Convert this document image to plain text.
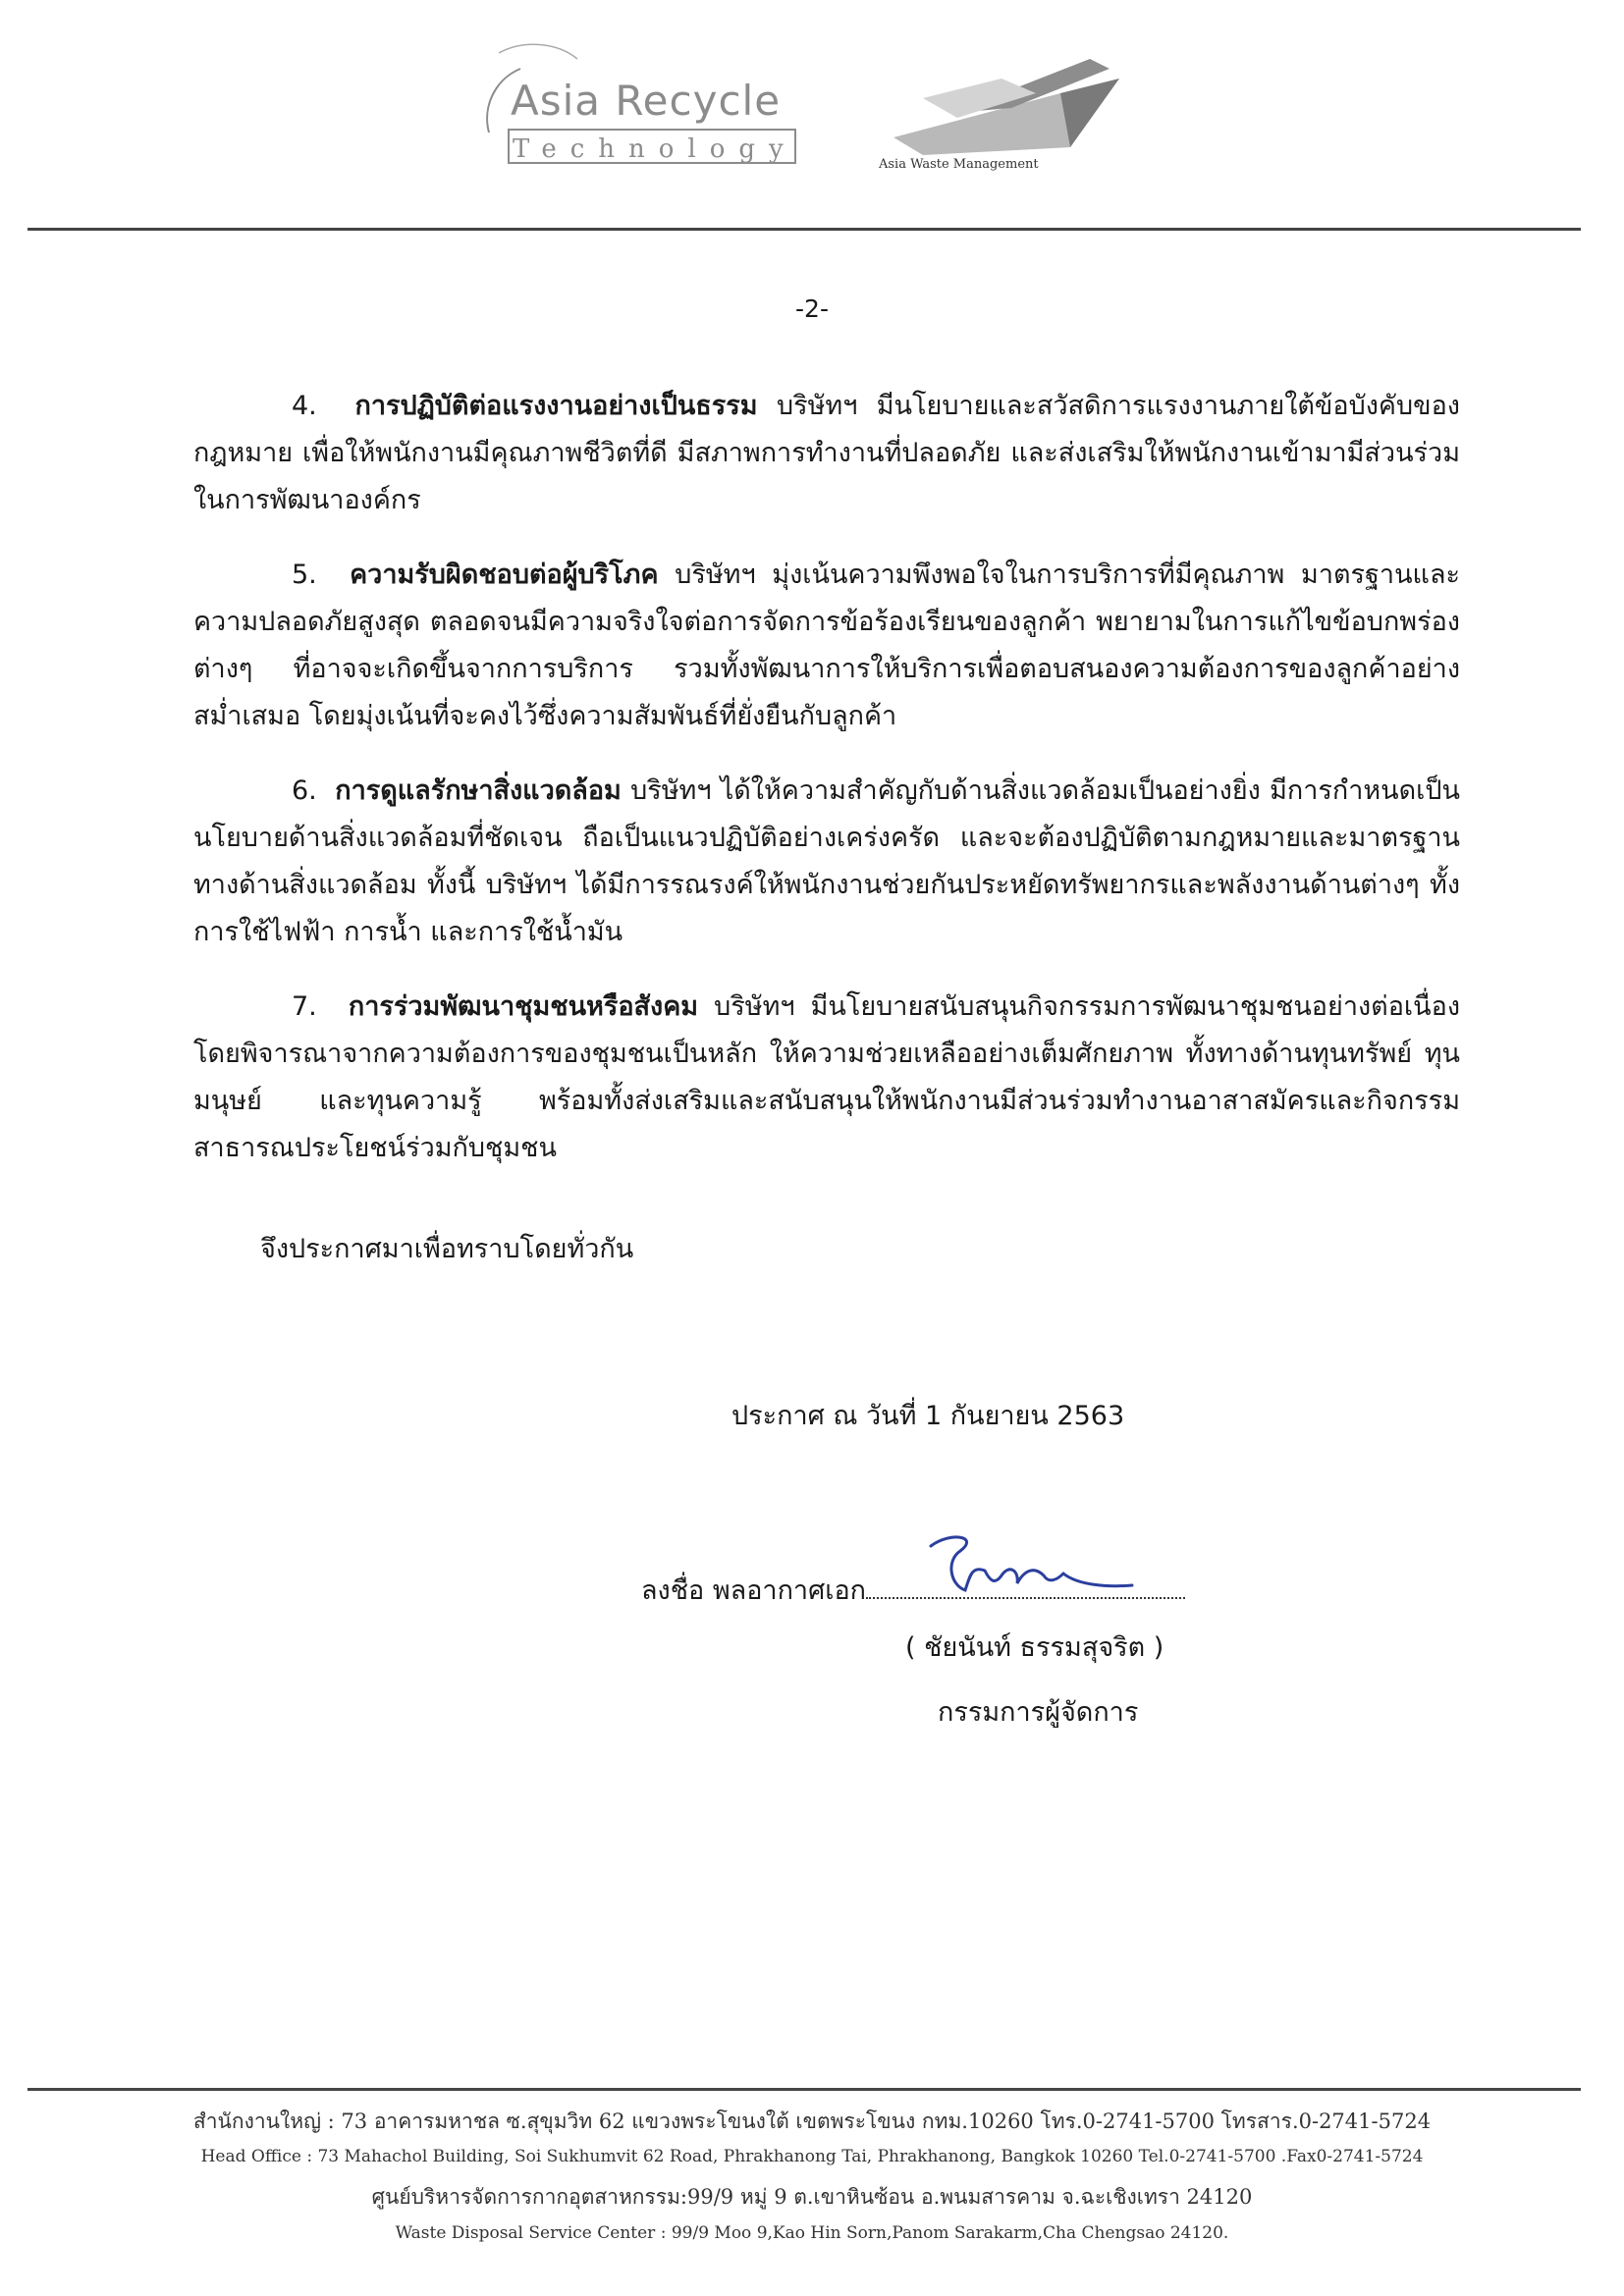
Asia Recycle
Technology
Asia Waste Management
-2-

4. การปฏิบัติต่อแรงงานอย่างเป็นธรรม บริษัทฯ มีนโยบายและสวัสดิการแรงงานภายใต้ข้อบังคับของกฎหมาย เพื่อให้พนักงานมีคุณภาพชีวิตที่ดี มีสภาพการทำงานที่ปลอดภัย และส่งเสริมให้พนักงานเข้ามามีส่วนร่วมในการพัฒนาองค์กร

5. ความรับผิดชอบต่อผู้บริโภค บริษัทฯ มุ่งเน้นความพึงพอใจในการบริการที่มีคุณภาพ มาตรฐานและความปลอดภัยสูงสุด ตลอดจนมีความจริงใจต่อการจัดการข้อร้องเรียนของลูกค้า พยายามในการแก้ไขข้อบกพร่องต่างๆ ที่อาจจะเกิดขึ้นจากการบริการ รวมทั้งพัฒนาการให้บริการเพื่อตอบสนองความต้องการของลูกค้าอย่างสม่ำเสมอ โดยมุ่งเน้นที่จะคงไว้ซึ่งความสัมพันธ์ที่ยั่งยืนกับลูกค้า

6. การดูแลรักษาสิ่งแวดล้อม บริษัทฯ ได้ให้ความสำคัญกับด้านสิ่งแวดล้อมเป็นอย่างยิ่ง มีการกำหนดเป็นนโยบายด้านสิ่งแวดล้อมที่ชัดเจน ถือเป็นแนวปฏิบัติอย่างเคร่งครัด และจะต้องปฏิบัติตามกฎหมายและมาตรฐานทางด้านสิ่งแวดล้อม ทั้งนี้ บริษัทฯ ได้มีการรณรงค์ให้พนักงานช่วยกันประหยัดทรัพยากรและพลังงานด้านต่างๆ ทั้งการใช้ไฟฟ้า การน้ำ และการใช้น้ำมัน

7. การร่วมพัฒนาชุมชนหรือสังคม บริษัทฯ มีนโยบายสนับสนุนกิจกรรมการพัฒนาชุมชนอย่างต่อเนื่อง โดยพิจารณาจากความต้องการของชุมชนเป็นหลัก ให้ความช่วยเหลืออย่างเต็มศักยภาพ ทั้งทางด้านทุนทรัพย์ ทุนมนุษย์ และทุนความรู้ พร้อมทั้งส่งเสริมและสนับสนุนให้พนักงานมีส่วนร่วมทำงานอาสาสมัครและกิจกรรมสาธารณประโยชน์ร่วมกับชุมชน

จึงประกาศมาเพื่อทราบโดยทั่วกัน
ประกาศ ณ วันที่ 1 กันยายน 2563
ลงชื่อ พลอากาศเอก
( ชัยนันท์ ธรรมสุจริต )
กรรมการผู้จัดการ
สำนักงานใหญ่ : 73 อาคารมหาชล ซ.สุขุมวิท 62 แขวงพระโขนงใต้ เขตพระโขนง กทม.10260 โทร.0-2741-5700 โทรสาร.0-2741-5724
Head Office : 73 Mahachol Building, Soi Sukhumvit 62 Road, Phrakhanong Tai, Phrakhanong, Bangkok 10260 Tel.0-2741-5700 .Fax0-2741-5724
ศูนย์บริหารจัดการกากอุตสาหกรรม:99/9 หมู่ 9 ต.เขาหินซ้อน อ.พนมสารคาม จ.ฉะเชิงเทรา 24120
Waste Disposal Service Center : 99/9 Moo 9,Kao Hin Sorn,Panom Sarakarm,Cha Chengsao 24120.
